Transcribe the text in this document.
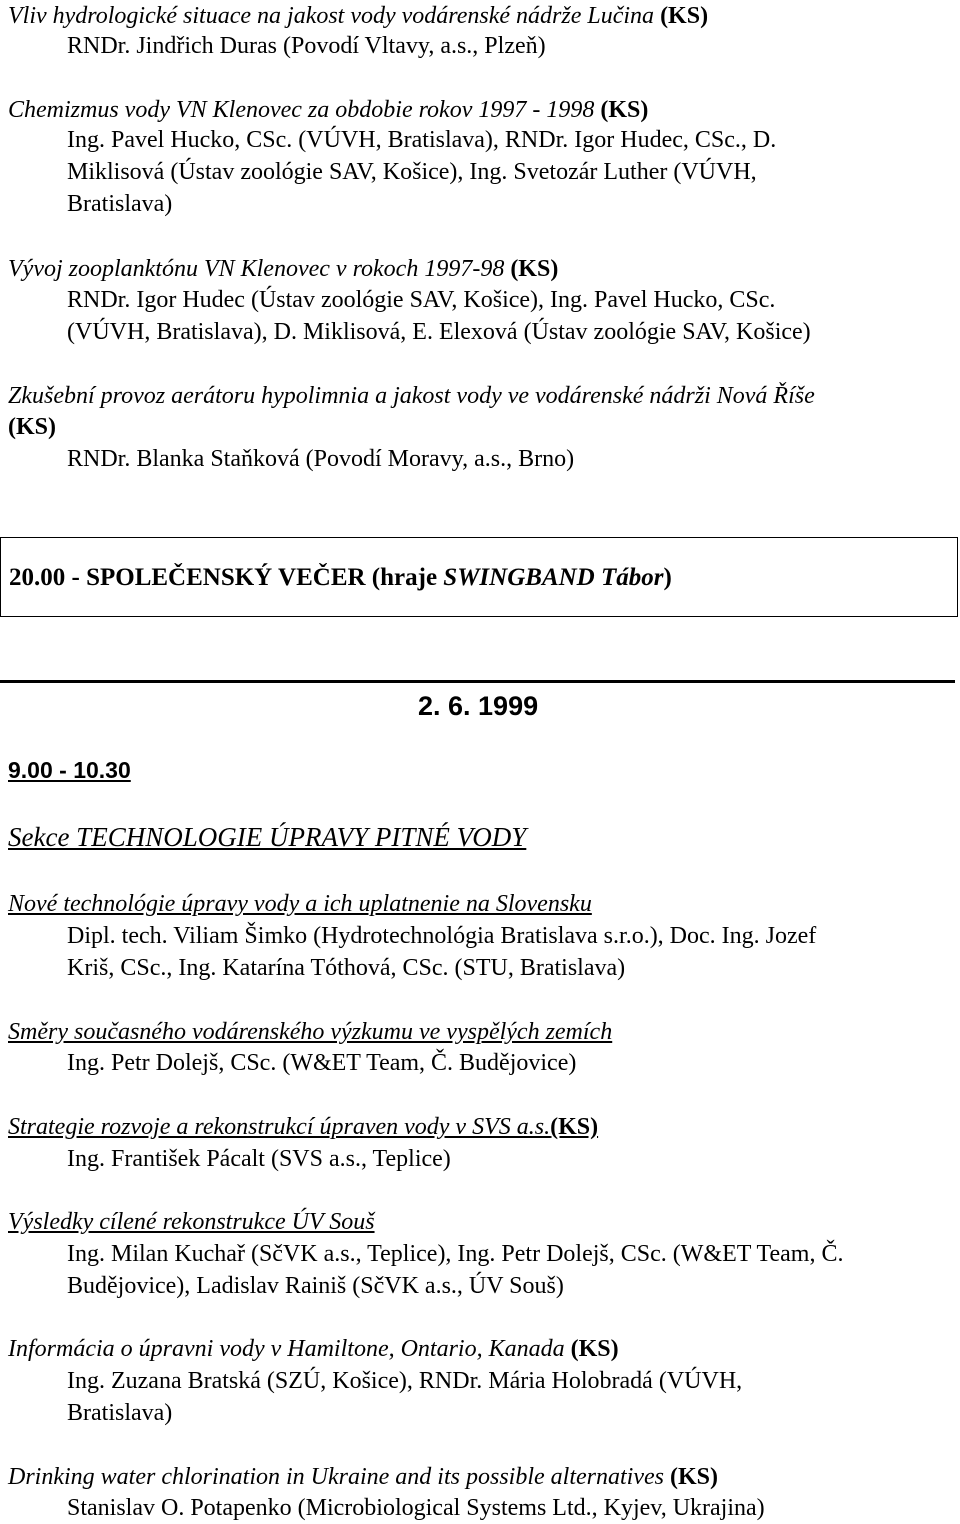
Vliv hydrologické situace na jakost vody vodárenské nádrže Lučina (KS)
RNDr. Jindřich Duras (Povodí Vltavy, a.s., Plzeň)
Chemizmus vody VN Klenovec za obdobie rokov 1997 - 1998 (KS)
Ing. Pavel Hucko, CSc. (VÚVH, Bratislava), RNDr. Igor Hudec, CSc., D.
Miklisová (Ústav zoológie SAV, Košice), Ing. Svetozár Luther (VÚVH,
Bratislava)
Vývoj zooplanktónu VN Klenovec v rokoch 1997-98 (KS)
RNDr. Igor Hudec (Ústav zoológie SAV, Košice), Ing. Pavel Hucko, CSc.
(VÚVH, Bratislava), D. Miklisová, E. Elexová (Ústav zoológie SAV, Košice)
Zkušební provoz aerátoru hypolimnia a jakost vody ve vodárenské nádrži Nová Říše
(KS)
RNDr. Blanka Staňková (Povodí Moravy, a.s., Brno)
20.00 - SPOLEČENSKÝ VEČER (hraje SWINGBAND Tábor)
2. 6. 1999
9.00 - 10.30
Sekce TECHNOLOGIE ÚPRAVY PITNÉ VODY
Nové technológie úpravy vody a ich uplatnenie na Slovensku
Dipl. tech. Viliam Šimko (Hydrotechnológia Bratislava s.r.o.), Doc. Ing. Jozef
Kriš, CSc., Ing. Katarína Tóthová, CSc. (STU, Bratislava)
Směry současného vodárenského výzkumu ve vyspělých zemích
Ing. Petr Dolejš, CSc. (W&ET Team, Č. Budějovice)
Strategie rozvoje a rekonstrukcí úpraven vody v SVS a.s.(KS)
Ing. František Pácalt (SVS a.s., Teplice)
Výsledky cílené rekonstrukce ÚV Souš
Ing. Milan Kuchař (SčVK a.s., Teplice), Ing. Petr Dolejš, CSc. (W&ET Team, Č.
Budějovice), Ladislav Rainiš (SčVK a.s., ÚV Souš)
Informácia o úpravni vody v Hamiltone, Ontario, Kanada (KS)
Ing. Zuzana Bratská (SZÚ, Košice), RNDr. Mária Holobradá (VÚVH,
Bratislava)
Drinking water chlorination in Ukraine and its possible alternatives (KS)
Stanislav O. Potapenko (Microbiological Systems Ltd., Kyjev, Ukrajina)
